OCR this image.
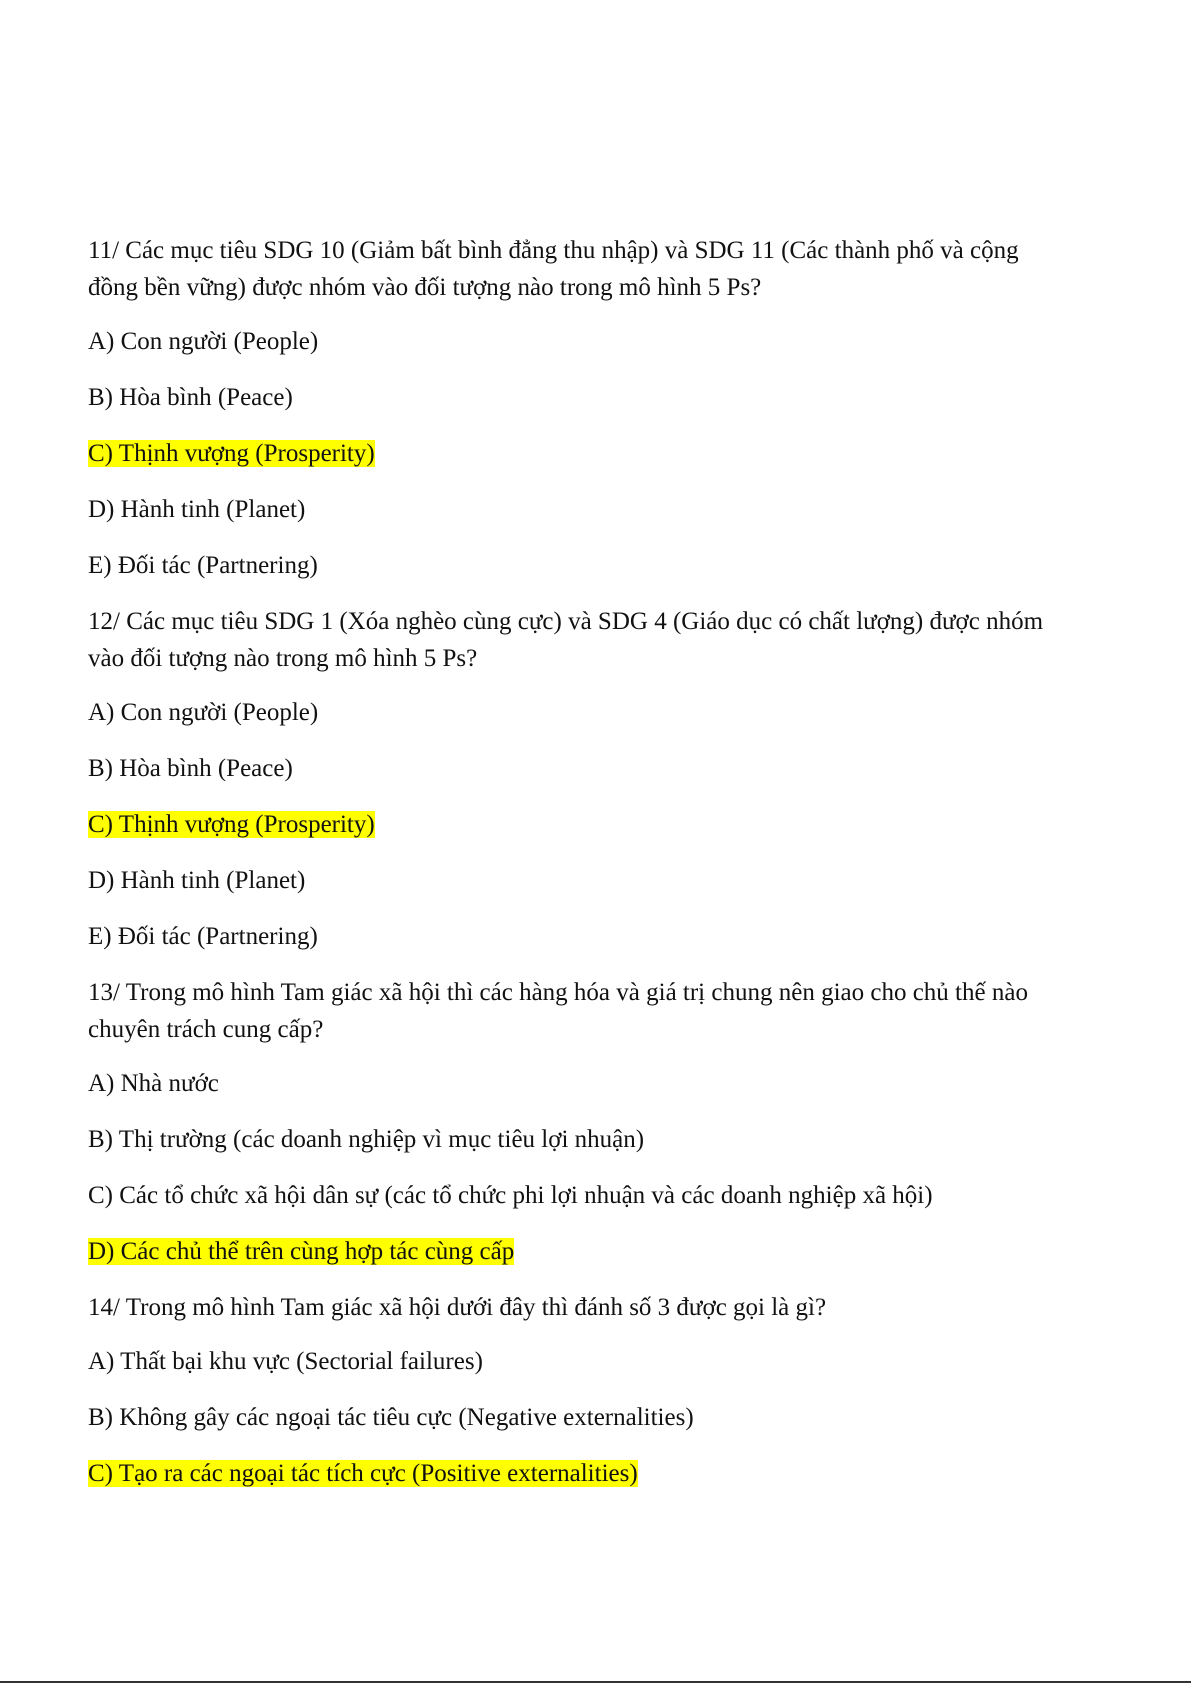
11/ Các mục tiêu SDG 10 (Giảm bất bình đẳng thu nhập) và SDG 11 (Các thành phố và cộng đồng bền vững) được nhóm vào đối tượng nào trong mô hình 5 Ps?
A) Con người (People)
B) Hòa bình (Peace)
C) Thịnh vượng (Prosperity)
D) Hành tinh (Planet)
E) Đối tác (Partnering)
12/ Các mục tiêu SDG 1 (Xóa nghèo cùng cực) và SDG 4 (Giáo dục có chất lượng) được nhóm vào đối tượng nào trong mô hình 5 Ps?
A) Con người (People)
B) Hòa bình (Peace)
C) Thịnh vượng (Prosperity)
D) Hành tinh (Planet)
E) Đối tác (Partnering)
13/ Trong mô hình Tam giác xã hội thì các hàng hóa và giá trị chung nên giao cho chủ thế nào chuyên trách cung cấp?
A) Nhà nước
B) Thị trường (các doanh nghiệp vì mục tiêu lợi nhuận)
C) Các tổ chức xã hội dân sự (các tổ chức phi lợi nhuận và các doanh nghiệp xã hội)
D) Các chủ thể trên cùng hợp tác cùng cấp
14/ Trong mô hình Tam giác xã hội dưới đây thì đánh số 3 được gọi là gì?
A) Thất bại khu vực (Sectorial failures)
B) Không gây các ngoại tác tiêu cực (Negative externalities)
C) Tạo ra các ngoại tác tích cực (Positive externalities)
